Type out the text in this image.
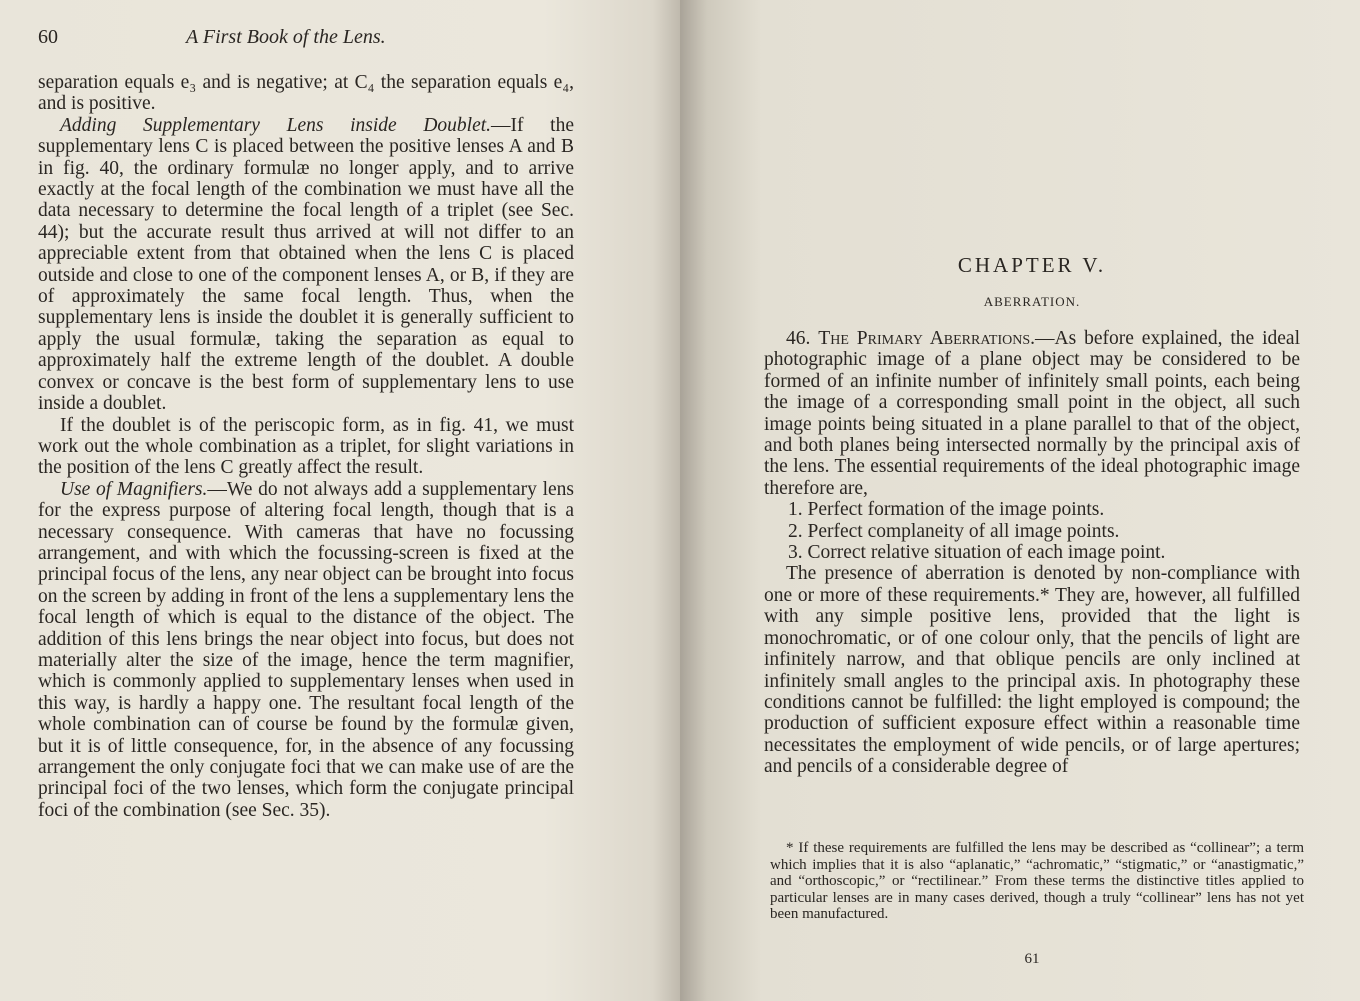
60	A First Book of the Lens.

separation equals e₃ and is negative; at C₄ the separation equals e₄, and is positive.

Adding Supplementary Lens inside Doublet.—If the supplementary lens C is placed between the positive lenses A and B in fig. 40, the ordinary formulæ no longer apply, and to arrive exactly at the focal length of the combination we must have all the data necessary to determine the focal length of a triplet (see Sec. 44); but the accurate result thus arrived at will not differ to an appreciable extent from that obtained when the lens C is placed outside and close to one of the component lenses A, or B, if they are of approximately the same focal length. Thus, when the supplementary lens is inside the doublet it is generally sufficient to apply the usual formulæ, taking the separation as equal to approximately half the extreme length of the doublet. A double convex or concave is the best form of supplementary lens to use inside a doublet.

If the doublet is of the periscopic form, as in fig. 41, we must work out the whole combination as a triplet, for slight variations in the position of the lens C greatly affect the result.

Use of Magnifiers.—We do not always add a supplementary lens for the express purpose of altering focal length, though that is a necessary consequence. With cameras that have no focussing arrangement, and with which the focussing-screen is fixed at the principal focus of the lens, any near object can be brought into focus on the screen by adding in front of the lens a supplementary lens the focal length of which is equal to the distance of the object. The addition of this lens brings the near object into focus, but does not materially alter the size of the image, hence the term magnifier, which is commonly applied to supplementary lenses when used in this way, is hardly a happy one. The resultant focal length of the whole combination can of course be found by the formulæ given, but it is of little consequence, for, in the absence of any focussing arrangement the only conjugate foci that we can make use of are the principal foci of the two lenses, which form the conjugate principal foci of the combination (see Sec. 35).

CHAPTER V.
ABERRATION.

46. The Primary Aberrations.—As before explained, the ideal photographic image of a plane object may be considered to be formed of an infinite number of infinitely small points, each being the image of a corresponding small point in the object, all such image points being situated in a plane parallel to that of the object, and both planes being intersected normally by the principal axis of the lens. The essential requirements of the ideal photographic image therefore are,

1. Perfect formation of the image points.
2. Perfect complaneity of all image points.
3. Correct relative situation of each image point.

The presence of aberration is denoted by non-compliance with one or more of these requirements.* They are, however, all fulfilled with any simple positive lens, provided that the light is monochromatic, or of one colour only, that the pencils of light are infinitely narrow, and that oblique pencils are only inclined at infinitely small angles to the principal axis. In photography these conditions cannot be fulfilled: the light employed is compound; the production of sufficient exposure effect within a reasonable time necessitates the employment of wide pencils, or of large apertures; and pencils of a considerable degree of

* If these requirements are fulfilled the lens may be described as “collinear”; a term which implies that it is also “aplanatic,” “achromatic,” “stigmatic,” or “anastigmatic,” and “orthoscopic,” or “rectilinear.” From these terms the distinctive titles applied to particular lenses are in many cases derived, though a truly “collinear” lens has not yet been manufactured.

61
